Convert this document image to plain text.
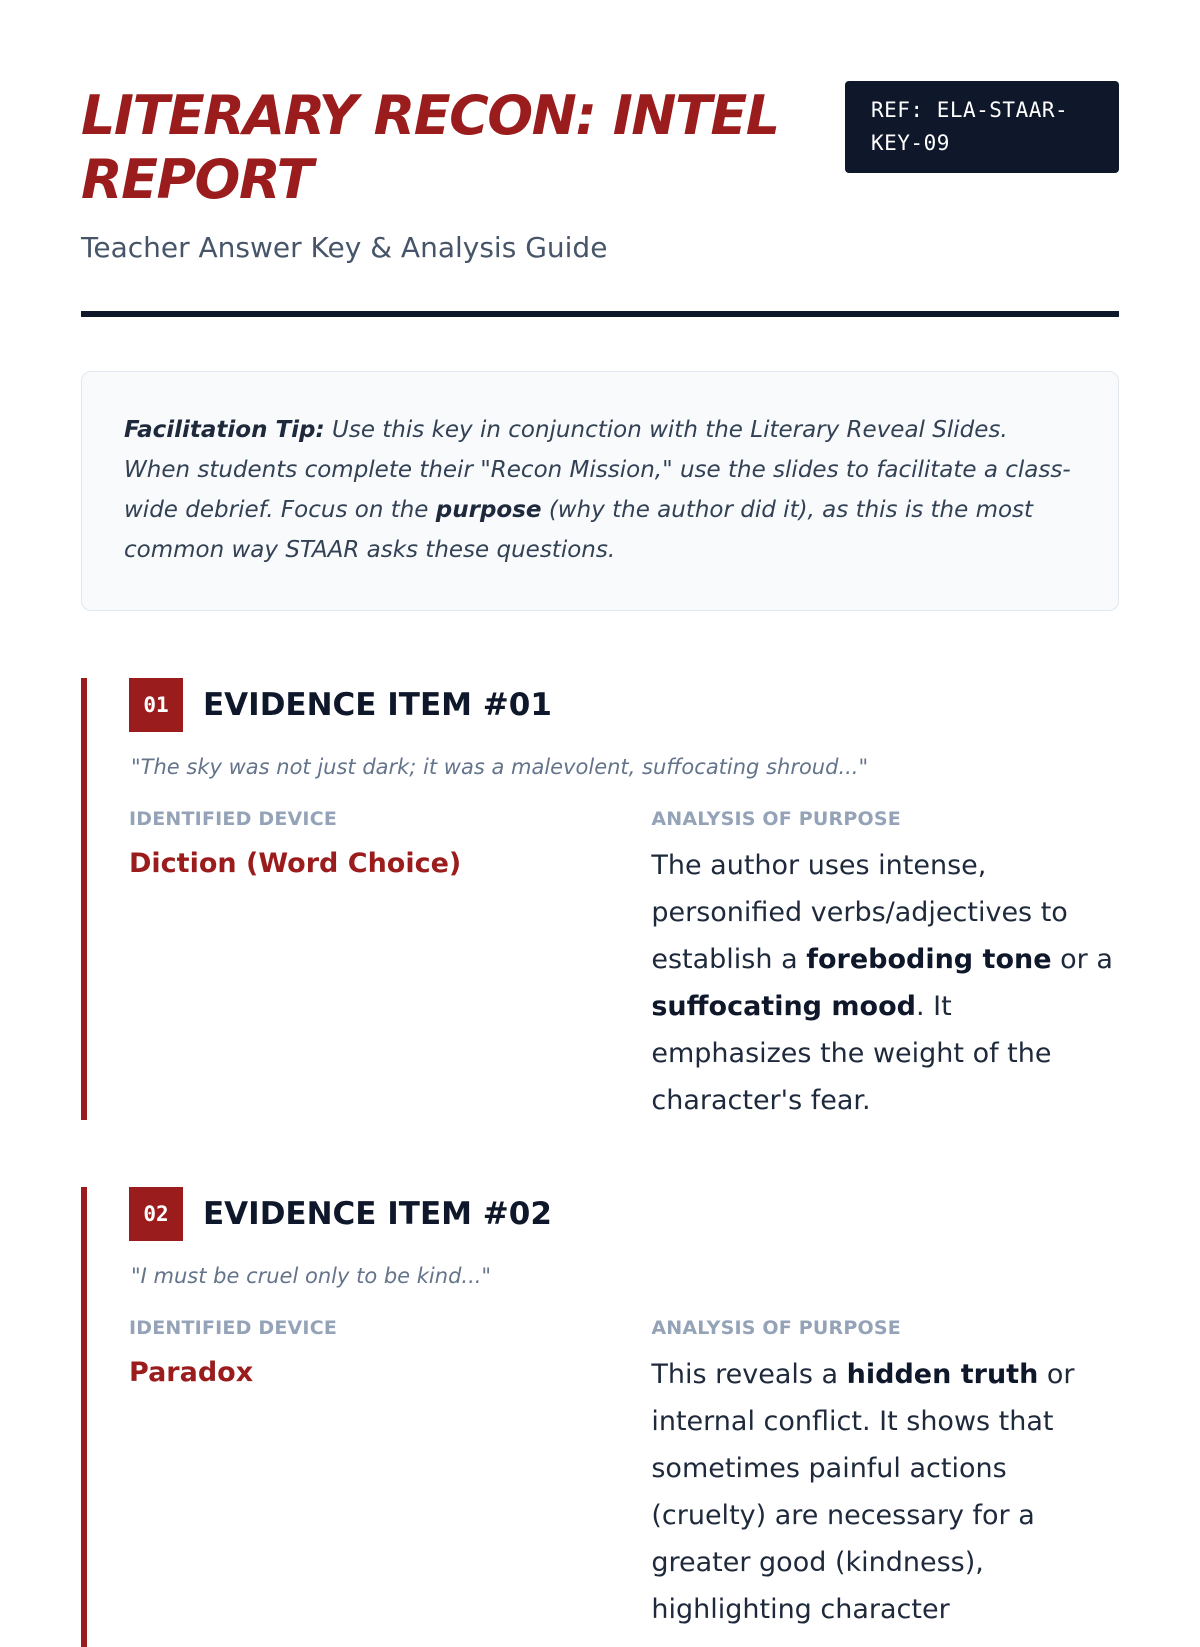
LITERARY RECON: INTEL REPORT
REF: ELA-STAAR-KEY-09
Teacher Answer Key & Analysis Guide
Facilitation Tip: Use this key in conjunction with the Literary Reveal Slides. When students complete their "Recon Mission," use the slides to facilitate a class-wide debrief. Focus on the purpose (why the author did it), as this is the most common way STAAR asks these questions.
01	EVIDENCE ITEM #01
"The sky was not just dark; it was a malevolent, suffocating shroud..."
IDENTIFIED DEVICE
Diction (Word Choice)
ANALYSIS OF PURPOSE
The author uses intense, personified verbs/adjectives to establish a foreboding tone or a suffocating mood. It emphasizes the weight of the character's fear.
02	EVIDENCE ITEM #02
"I must be cruel only to be kind..."
IDENTIFIED DEVICE
Paradox
ANALYSIS OF PURPOSE
This reveals a hidden truth or internal conflict. It shows that sometimes painful actions (cruelty) are necessary for a greater good (kindness), highlighting character
